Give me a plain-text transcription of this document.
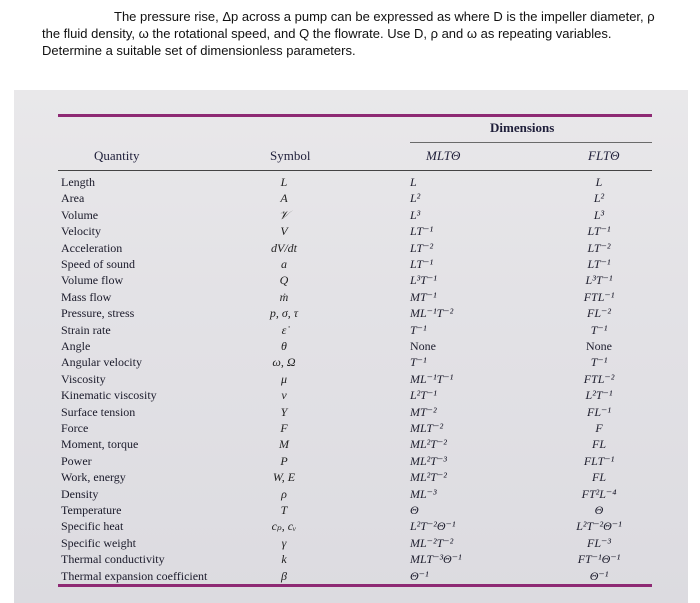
The pressure rise, Δp across a pump can be expressed as where D is the impeller diameter, ρ the fluid density, ω the rotational speed, and Q the flowrate. Use D, ρ and ω as repeating variables. Determine a suitable set of dimensionless parameters.

Dimensions
Quantity	Symbol	MLTΘ	FLTΘ
Length	L	L	L
Area	A	L²	L²
Volume	𝒱	L³	L³
Velocity	V	LT⁻¹	LT⁻¹
Acceleration	dV/dt	LT⁻²	LT⁻²
Speed of sound	a	LT⁻¹	LT⁻¹
Volume flow	Q	L³T⁻¹	L³T⁻¹
Mass flow	ṁ	MT⁻¹	FTL⁻¹
Pressure, stress	p, σ, τ	ML⁻¹T⁻²	FL⁻²
Strain rate	ε̇	T⁻¹	T⁻¹
Angle	θ	None	None
Angular velocity	ω, Ω	T⁻¹	T⁻¹
Viscosity	μ	ML⁻¹T⁻¹	FTL⁻²
Kinematic viscosity	ν	L²T⁻¹	L²T⁻¹
Surface tension	Y	MT⁻²	FL⁻¹
Force	F	MLT⁻²	F
Moment, torque	M	ML²T⁻²	FL
Power	P	ML²T⁻³	FLT⁻¹
Work, energy	W, E	ML²T⁻²	FL
Density	ρ	ML⁻³	FT²L⁻⁴
Temperature	T	Θ	Θ
Specific heat	cₚ, cᵥ	L²T⁻²Θ⁻¹	L²T⁻²Θ⁻¹
Specific weight	γ	ML⁻²T⁻²	FL⁻³
Thermal conductivity	k	MLT⁻³Θ⁻¹	FT⁻¹Θ⁻¹
Thermal expansion coefficient	β	Θ⁻¹	Θ⁻¹
